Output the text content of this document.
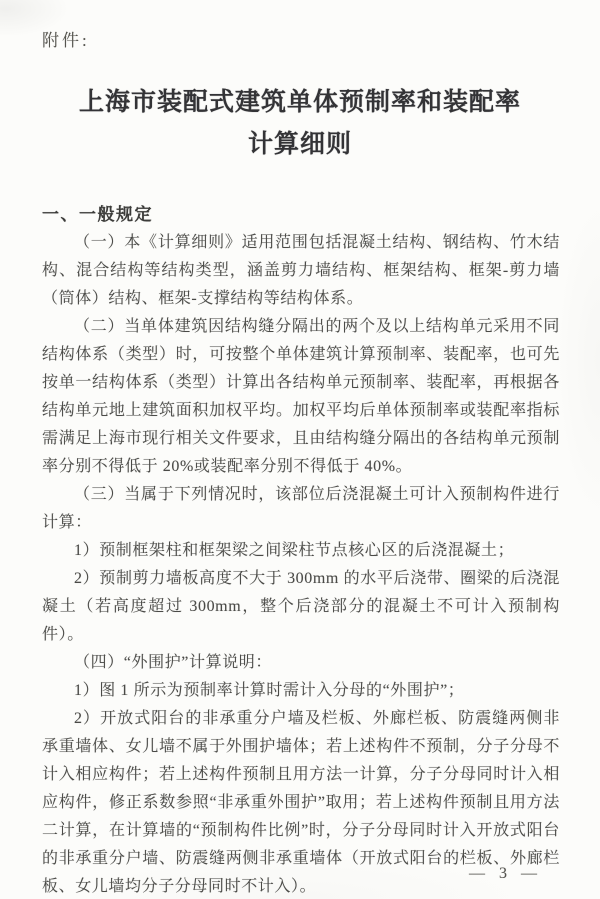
附件:
上海市装配式建筑单体预制率和装配率
计算细则
一、一般规定

（一）本《计算细则》适用范围包括混凝土结构、钢结构、竹木结构、混合结构等结构类型，涵盖剪力墙结构、框架结构、框架-剪力墙（筒体）结构、框架-支撑结构等结构体系。

（二）当单体建筑因结构缝分隔出的两个及以上结构单元采用不同结构体系（类型）时，可按整个单体建筑计算预制率、装配率，也可先按单一结构体系（类型）计算出各结构单元预制率、装配率，再根据各结构单元地上建筑面积加权平均。加权平均后单体预制率或装配率指标需满足上海市现行相关文件要求，且由结构缝分隔出的各结构单元预制率分别不得低于 20%或装配率分别不得低于 40%。

（三）当属于下列情况时，该部位后浇混凝土可计入预制构件进行计算：

1）预制框架柱和框架梁之间梁柱节点核心区的后浇混凝土；

2）预制剪力墙板高度不大于 300mm 的水平后浇带、圈梁的后浇混凝土（若高度超过 300mm，整个后浇部分的混凝土不可计入预制构件）。

（四）“外围护”计算说明：

1）图 1 所示为预制率计算时需计入分母的“外围护”；

2）开放式阳台的非承重分户墙及栏板、外廊栏板、防震缝两侧非承重墙体、女儿墙不属于外围护墙体；若上述构件不预制，分子分母不计入相应构件；若上述构件预制且用方法一计算，分子分母同时计入相应构件，修正系数参照“非承重外围护”取用；若上述构件预制且用方法二计算，在计算墙的“预制构件比例”时，分子分母同时计入开放式阳台的非承重分户墙、防震缝两侧非承重墙体（开放式阳台的栏板、外廊栏板、女儿墙均分子分母同时不计入）。

— 3 —
